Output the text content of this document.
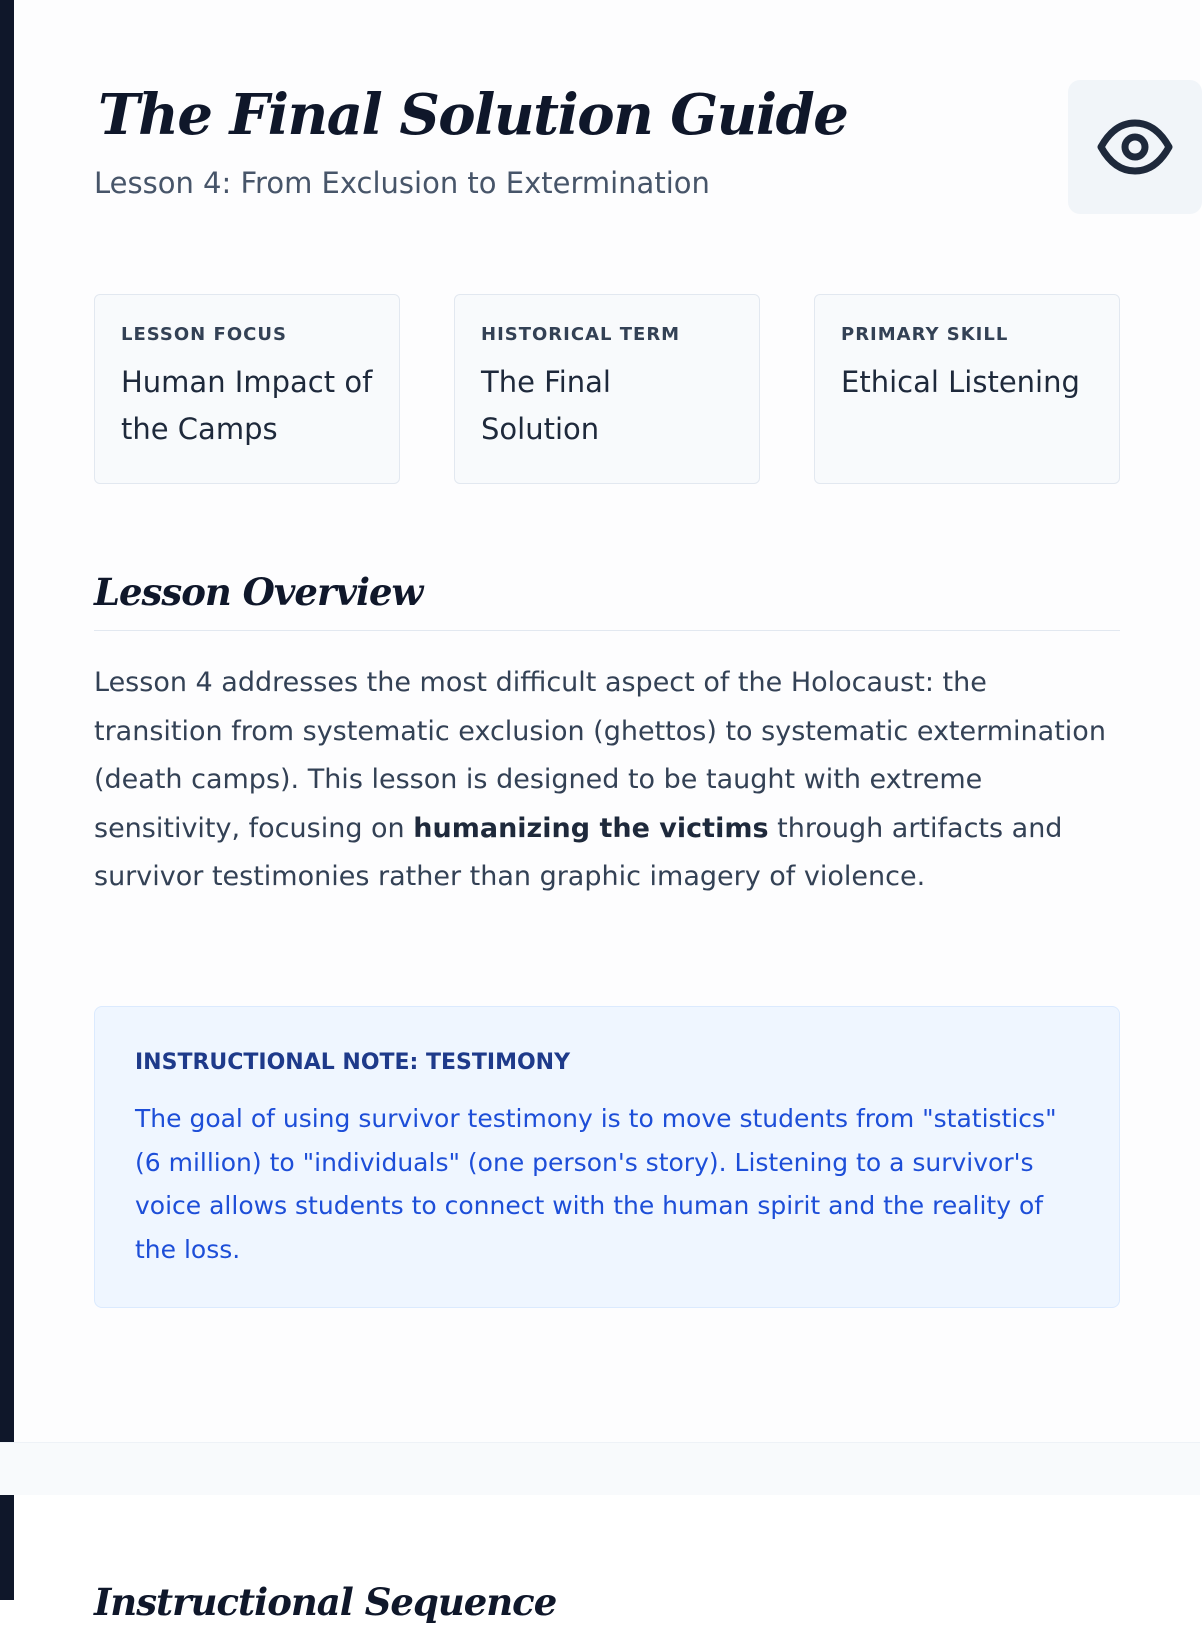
The Final Solution Guide

Lesson 4: From Exclusion to Extermination

LESSON FOCUS
Human Impact of the Camps
HISTORICAL TERM
The Final Solution
PRIMARY SKILL
Ethical Listening
Lesson Overview

Lesson 4 addresses the most difficult aspect of the Holocaust: the transition from systematic exclusion (ghettos) to systematic extermination (death camps). This lesson is designed to be taught with extreme sensitivity, focusing on humanizing the victims through artifacts and survivor testimonies rather than graphic imagery of violence.

INSTRUCTIONAL NOTE: TESTIMONY

The goal of using survivor testimony is to move students from "statistics" (6 million) to "individuals" (one person's story). Listening to a survivor's voice allows students to connect with the human spirit and the reality of the loss.

Instructional Sequence
